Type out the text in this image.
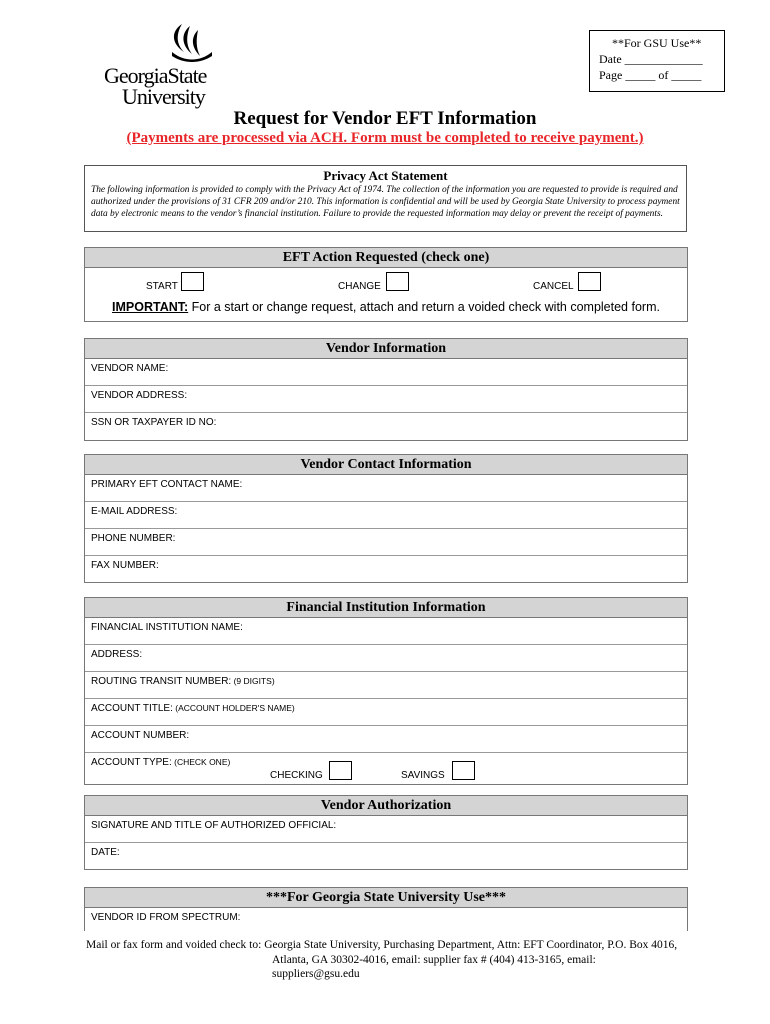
GeorgiaState
University
**For GSU Use**
Date _____________
Page _____ of _____
Request for Vendor EFT Information
(Payments are processed via ACH. Form must be completed to receive payment.)
Privacy Act Statement
The following information is provided to comply with the Privacy Act of 1974. The collection of the information you are requested to provide is required and authorized under the provisions of 31 CFR 209 and/or 210. This information is confidential and will be used by Georgia State University to process payment data by electronic means to the vendor’s financial institution. Failure to provide the requested information may delay or prevent the receipt of payments.
EFT Action Requested (check one)
START	CHANGE	CANCEL
IMPORTANT: For a start or change request, attach and return a voided check with completed form.
Vendor Information
VENDOR NAME:
VENDOR ADDRESS:
SSN OR TAXPAYER ID NO:
Vendor Contact Information
PRIMARY EFT CONTACT NAME:
E-MAIL ADDRESS:
PHONE NUMBER:
FAX NUMBER:
Financial Institution Information
FINANCIAL INSTITUTION NAME:
ADDRESS:
ROUTING TRANSIT NUMBER: (9 DIGITS)
ACCOUNT TITLE: (ACCOUNT HOLDER'S NAME)
ACCOUNT NUMBER:
ACCOUNT TYPE: (CHECK ONE)
CHECKING	SAVINGS
Vendor Authorization
SIGNATURE AND TITLE OF AUTHORIZED OFFICIAL:
DATE:
***For Georgia State University Use***
VENDOR ID FROM SPECTRUM:
Mail or fax form and voided check to: Georgia State University, Purchasing Department, Attn: EFT Coordinator, P.O. Box 4016,
Atlanta, GA 30302-4016, email: supplier fax # (404) 413-3165, email:
suppliers@gsu.edu
